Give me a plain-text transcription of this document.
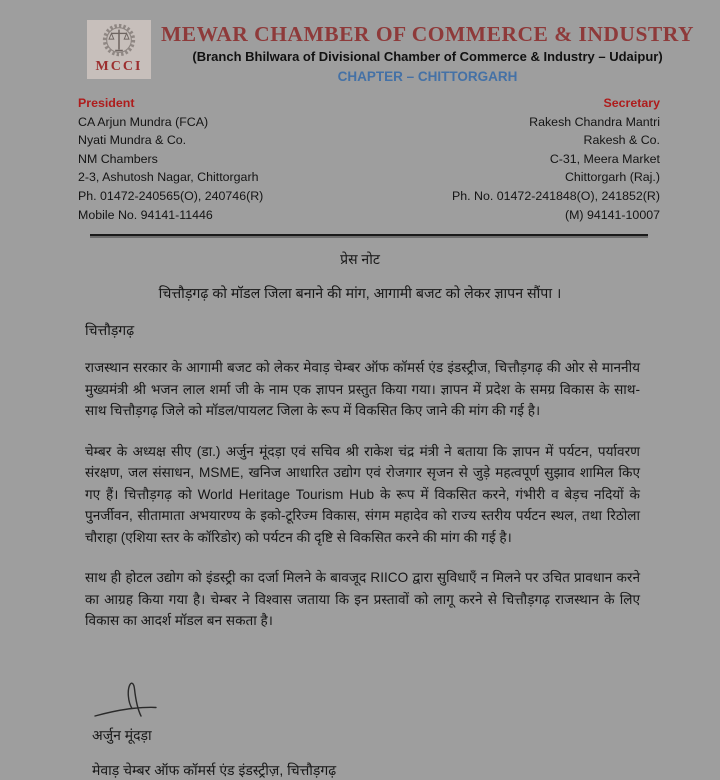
MCCI
MEWAR CHAMBER OF COMMERCE & INDUSTRY
(Branch Bhilwara of Divisional Chamber of Commerce & Industry – Udaipur)
CHAPTER – CHITTORGARH
President
CA Arjun Mundra (FCA)
Nyati Mundra & Co.
NM Chambers
2-3, Ashutosh Nagar, Chittorgarh
Ph. 01472-240565(O), 240746(R)
Mobile No. 94141-11446
Secretary
Rakesh Chandra Mantri
Rakesh & Co.
C-31, Meera Market
Chittorgarh (Raj.)
Ph. No. 01472-241848(O), 241852(R)
(M) 94141-10007
प्रेस नोट
चित्तौड़गढ़ को मॉडल जिला बनाने की मांग, आगामी बजट को लेकर ज्ञापन सौंपा ।
चित्तौड़गढ़
राजस्थान सरकार के आगामी बजट को लेकर मेवाड़ चेम्बर ऑफ कॉमर्स एंड इंडस्ट्रीज, चित्तौड़गढ़ की ओर से माननीय मुख्यमंत्री श्री भजन लाल शर्मा जी के नाम एक ज्ञापन प्रस्तुत किया गया। ज्ञापन में प्रदेश के समग्र विकास के साथ-साथ चित्तौड़गढ़ जिले को मॉडल/पायलट जिला के रूप में विकसित किए जाने की मांग की गई है।
चेम्बर के अध्यक्ष सीए (डा.) अर्जुन मूंदड़ा एवं सचिव श्री राकेश चंद्र मंत्री ने बताया कि ज्ञापन में पर्यटन, पर्यावरण संरक्षण, जल संसाधन, MSME, खनिज आधारित उद्योग एवं रोजगार सृजन से जुड़े महत्वपूर्ण सुझाव शामिल किए गए हैं। चित्तौड़गढ़ को World Heritage Tourism Hub के रूप में विकसित करने, गंभीरी व बेड़च नदियों के पुनर्जीवन, सीतामाता अभयारण्य के इको-टूरिज्म विकास, संगम महादेव को राज्य स्तरीय पर्यटन स्थल, तथा रिठोला चौराहा (एशिया स्तर के कॉरिडोर) को पर्यटन की दृष्टि से विकसित करने की मांग की गई है।
साथ ही होटल उद्योग को इंडस्ट्री का दर्जा मिलने के बावजूद RIICO द्वारा सुविधाएँ न मिलने पर उचित प्रावधान करने का आग्रह किया गया है। चेम्बर ने विश्वास जताया कि इन प्रस्तावों को लागू करने से चित्तौड़गढ़ राजस्थान के लिए विकास का आदर्श मॉडल बन सकता है।
अर्जुन मूंदड़ा
मेवाड़ चेम्बर ऑफ कॉमर्स एंड इंडस्ट्रीज़, चित्तौड़गढ़
